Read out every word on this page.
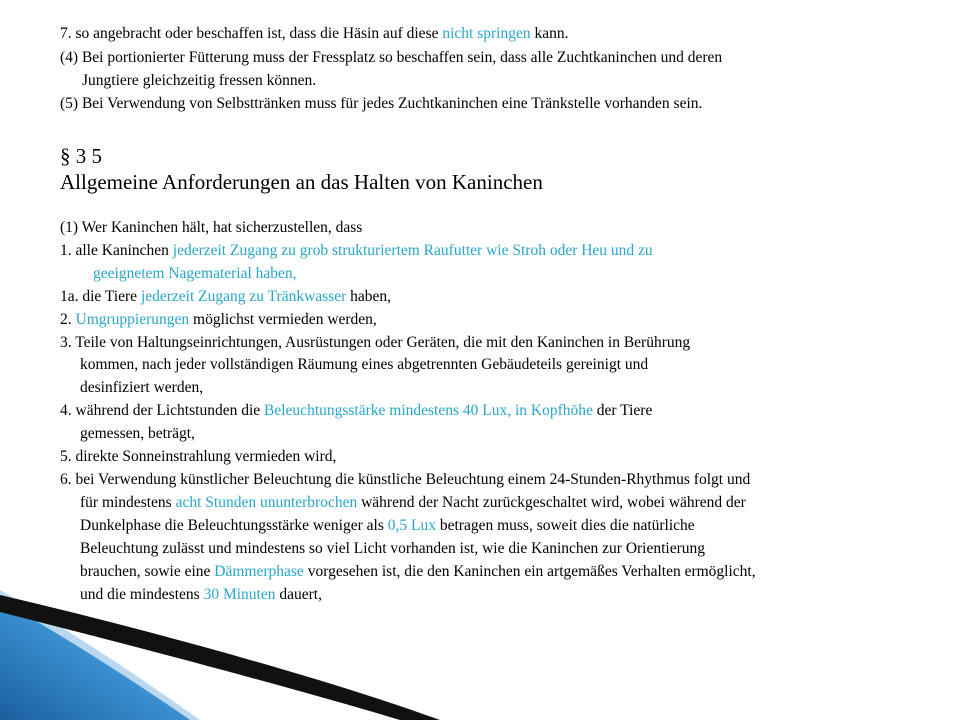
7. so angebracht oder beschaffen ist, dass die Häsin auf diese nicht springen kann.
(4) Bei portionierter Fütterung muss der Fressplatz so beschaffen sein, dass alle Zuchtkaninchen und deren
Jungtiere gleichzeitig fressen können.
(5) Bei Verwendung von Selbsttränken muss für jedes Zuchtkaninchen eine Tränkstelle vorhanden sein.
§ 3 5
Allgemeine Anforderungen an das Halten von Kaninchen
(1) Wer Kaninchen hält, hat sicherzustellen, dass
1. alle Kaninchen jederzeit Zugang zu grob strukturiertem Raufutter wie Stroh oder Heu und zu
geeignetem Nagematerial haben,
1a. die Tiere jederzeit Zugang zu Tränkwasser haben,
2. Umgruppierungen möglichst vermieden werden,
3. Teile von Haltungseinrichtungen, Ausrüstungen oder Geräten, die mit den Kaninchen in Berührung
kommen, nach jeder vollständigen Räumung eines abgetrennten Gebäudeteils gereinigt und
desinfiziert werden,
4. während der Lichtstunden die Beleuchtungsstärke mindestens 40 Lux, in Kopfhöhe der Tiere
gemessen, beträgt,
5. direkte Sonneinstrahlung vermieden wird,
6. bei Verwendung künstlicher Beleuchtung die künstliche Beleuchtung einem 24-Stunden-Rhythmus folgt und
für mindestens acht Stunden ununterbrochen während der Nacht zurückgeschaltet wird, wobei während der
Dunkelphase die Beleuchtungsstärke weniger als 0,5 Lux betragen muss, soweit dies die natürliche
Beleuchtung zulässt und mindestens so viel Licht vorhanden ist, wie die Kaninchen zur Orientierung
brauchen, sowie eine Dämmerphase vorgesehen ist, die den Kaninchen ein artgemäßes Verhalten ermöglicht,
und die mindestens 30 Minuten dauert,
